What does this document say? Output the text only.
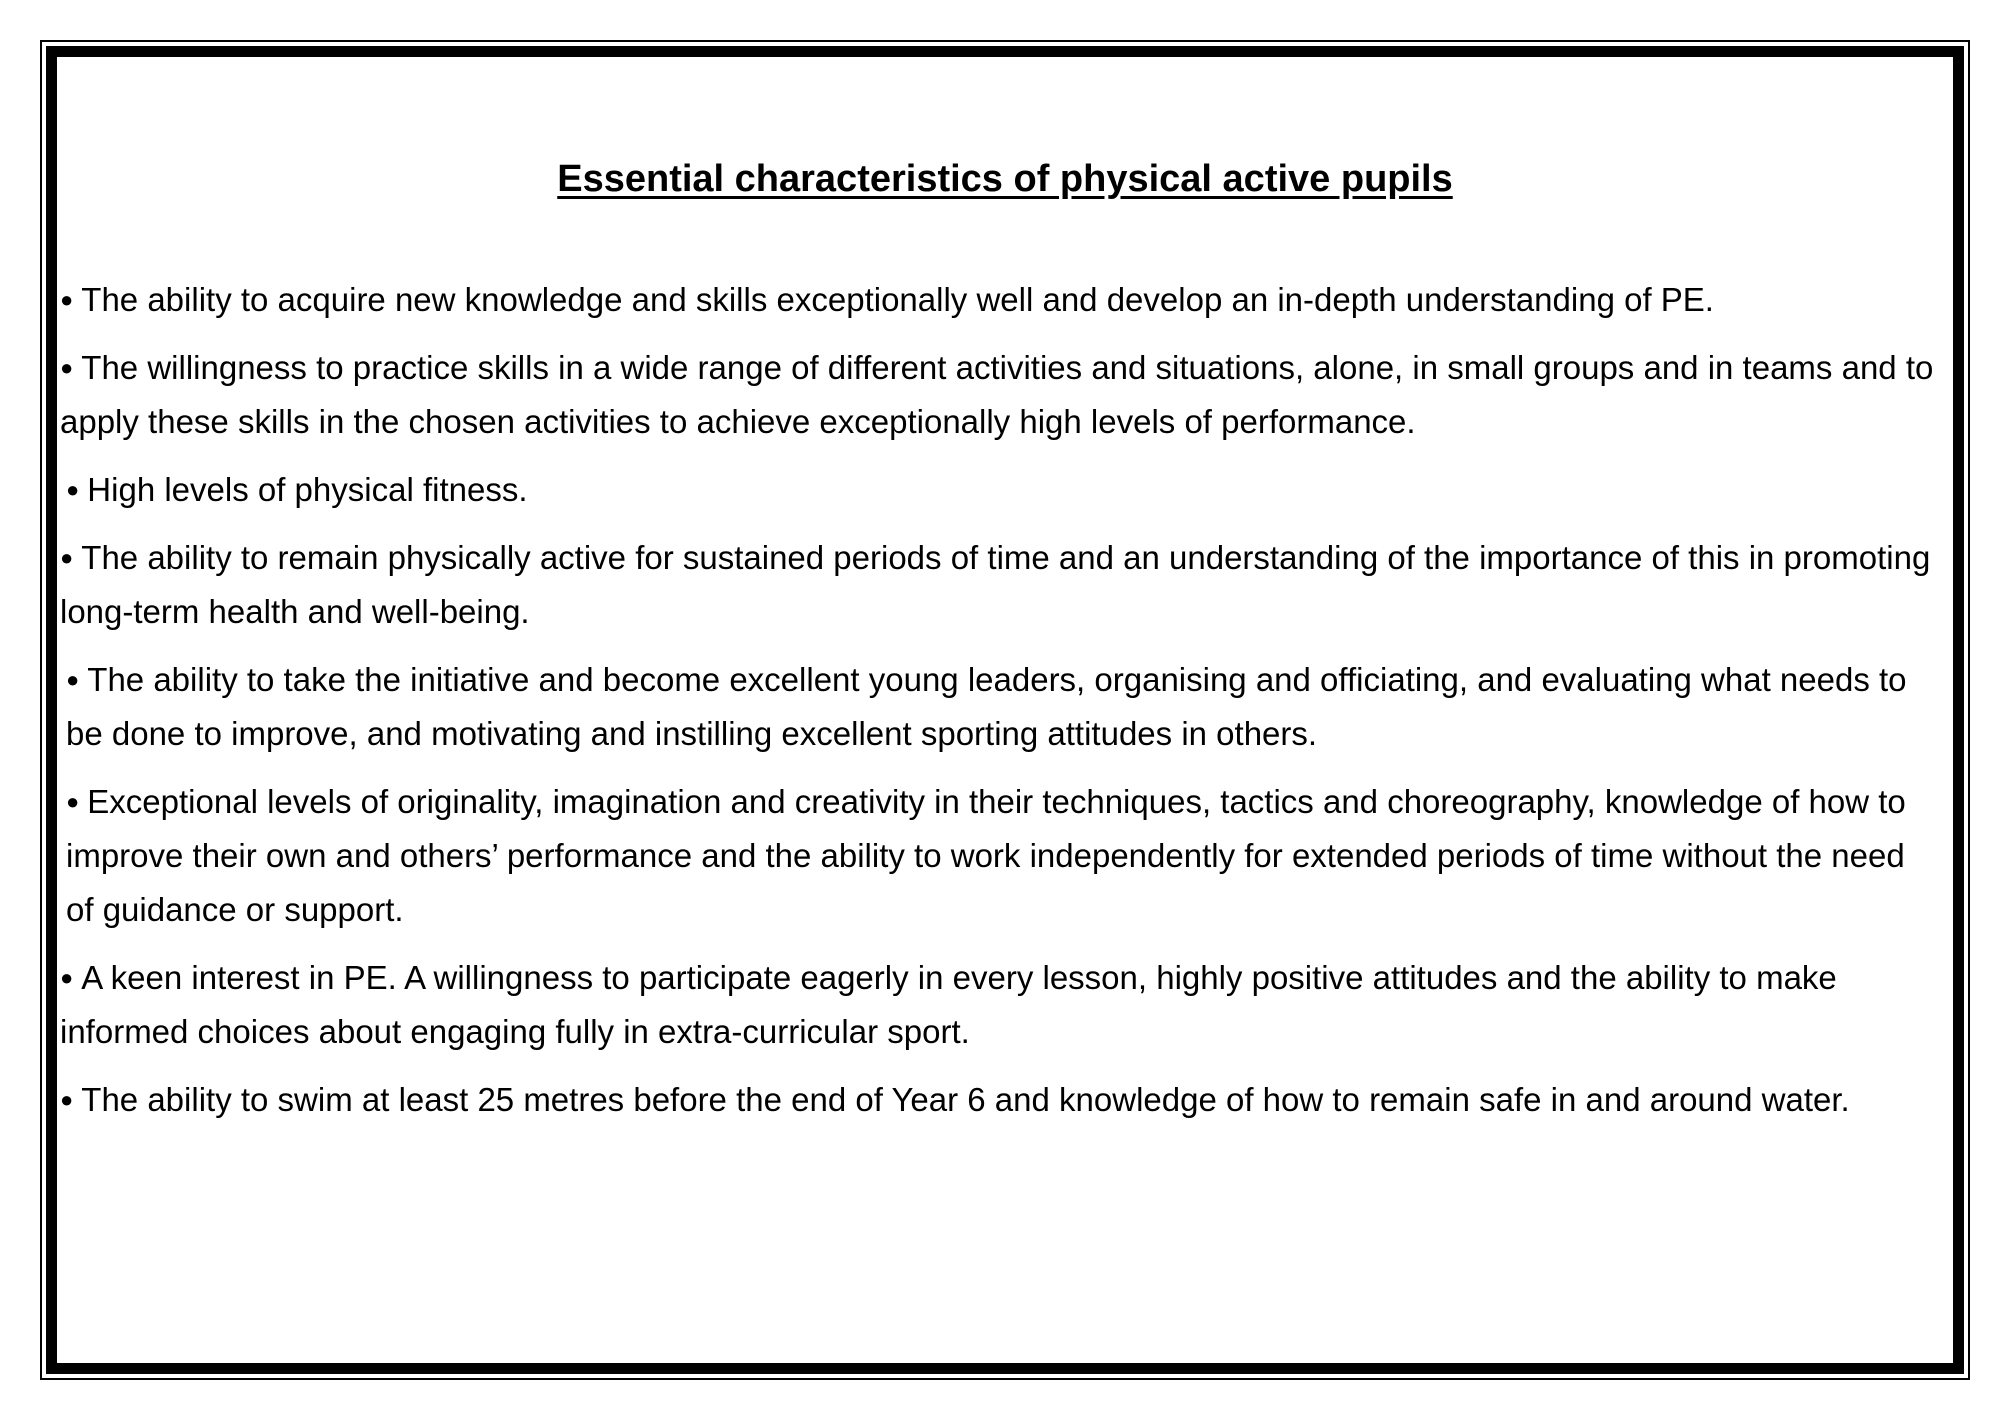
Essential characteristics of physical active pupils
● The ability to acquire new knowledge and skills exceptionally well and develop an in-depth understanding of PE.
● The willingness to practice skills in a wide range of different activities and situations, alone, in small groups and in teams and to apply these skills in the chosen activities to achieve exceptionally high levels of performance.
● High levels of physical fitness.
● The ability to remain physically active for sustained periods of time and an understanding of the importance of this in promoting long-term health and well-being.
● The ability to take the initiative and become excellent young leaders, organising and officiating, and evaluating what needs to be done to improve, and motivating and instilling excellent sporting attitudes in others.
● Exceptional levels of originality, imagination and creativity in their techniques, tactics and choreography, knowledge of how to improve their own and others’ performance and the ability to work independently for extended periods of time without the need of guidance or support.
● A keen interest in PE. A willingness to participate eagerly in every lesson, highly positive attitudes and the ability to make informed choices about engaging fully in extra-curricular sport.
● The ability to swim at least 25 metres before the end of Year 6 and knowledge of how to remain safe in and around water.
